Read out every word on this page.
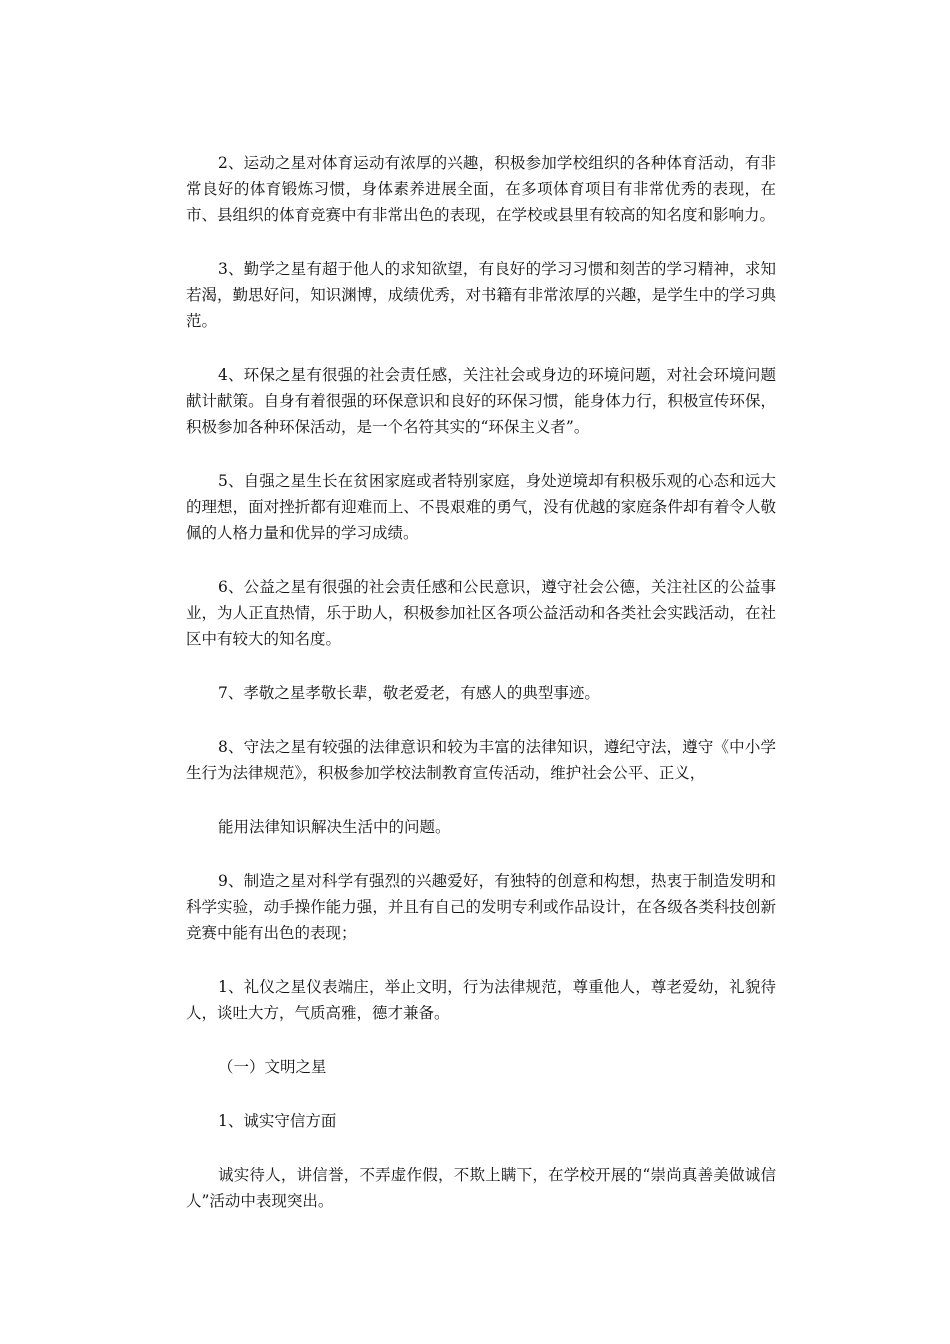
2、运动之星对体育运动有浓厚的兴趣，积极参加学校组织的各种体育活动，有非常良好的体育锻炼习惯，身体素养进展全面，在多项体育项目有非常优秀的表现，在市、县组织的体育竞赛中有非常出色的表现，在学校或县里有较高的知名度和影响力。

3、勤学之星有超于他人的求知欲望，有良好的学习习惯和刻苦的学习精神，求知若渴，勤思好问，知识渊博，成绩优秀，对书籍有非常浓厚的兴趣，是学生中的学习典范。

4、环保之星有很强的社会责任感，关注社会或身边的环境问题，对社会环境问题献计献策。自身有着很强的环保意识和良好的环保习惯，能身体力行，积极宣传环保，积极参加各种环保活动，是一个名符其实的“环保主义者”。

5、自强之星生长在贫困家庭或者特别家庭，身处逆境却有积极乐观的心态和远大的理想，面对挫折都有迎难而上、不畏艰难的勇气，没有优越的家庭条件却有着令人敬佩的人格力量和优异的学习成绩。

6、公益之星有很强的社会责任感和公民意识，遵守社会公德，关注社区的公益事业，为人正直热情，乐于助人，积极参加社区各项公益活动和各类社会实践活动，在社区中有较大的知名度。

7、孝敬之星孝敬长辈，敬老爱老，有感人的典型事迹。

8、守法之星有较强的法律意识和较为丰富的法律知识，遵纪守法，遵守《中小学生行为法律规范》，积极参加学校法制教育宣传活动，维护社会公平、正义，

能用法律知识解决生活中的问题。

9、制造之星对科学有强烈的兴趣爱好，有独特的创意和构想，热衷于制造发明和科学实验，动手操作能力强，并且有自己的发明专利或作品设计，在各级各类科技创新竞赛中能有出色的表现；

1、礼仪之星仪表端庄，举止文明，行为法律规范，尊重他人，尊老爱幼，礼貌待人，谈吐大方，气质高雅，德才兼备。

（一）文明之星

1、诚实守信方面

诚实待人，讲信誉，不弄虚作假，不欺上瞒下，在学校开展的“崇尚真善美做诚信人”活动中表现突出。
